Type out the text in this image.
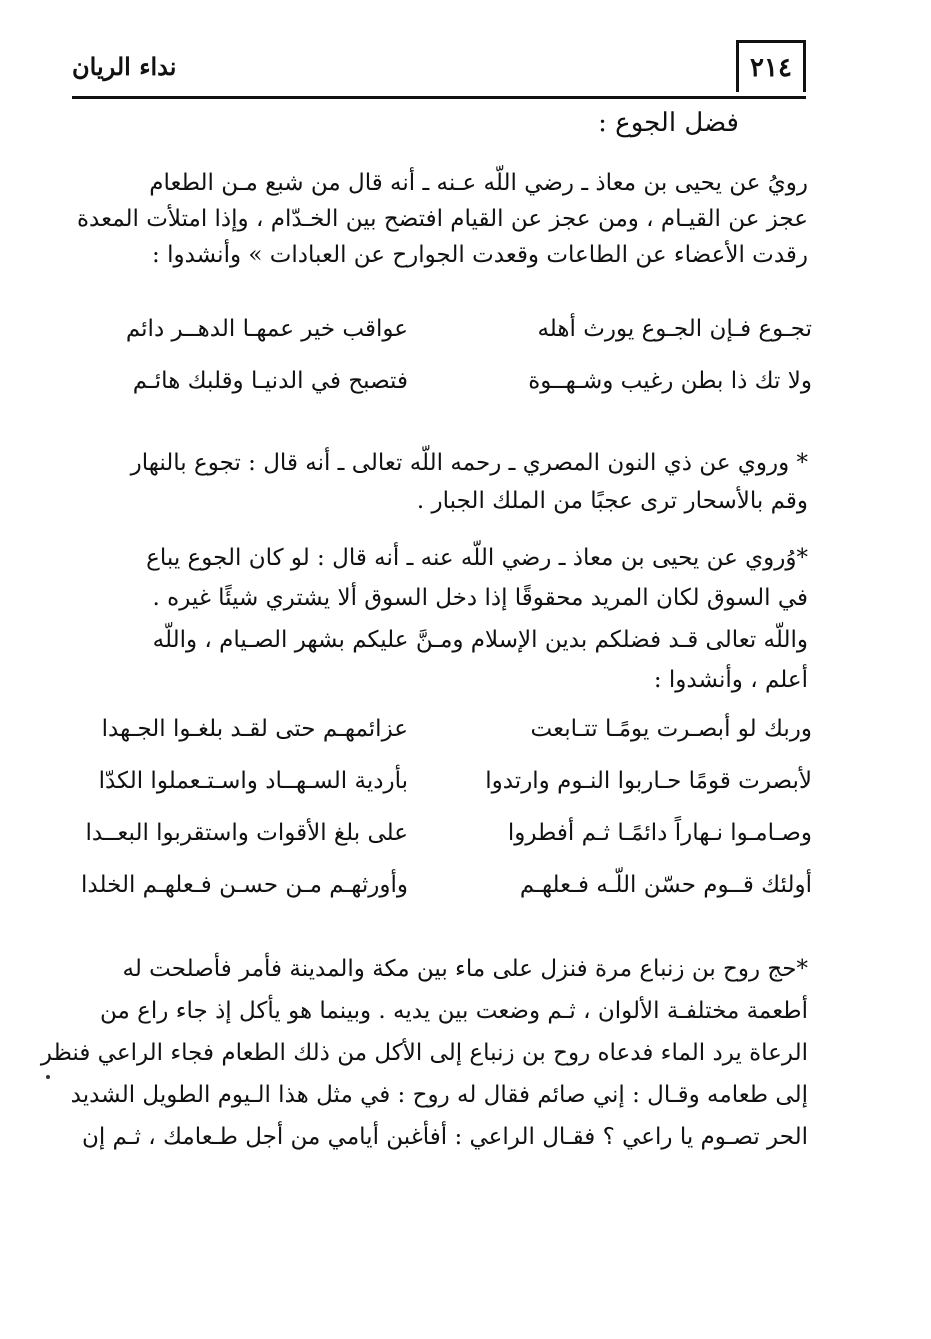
نداء الريان	٢١٤
فضل الجوع :
رويُ عن يحيى بن معاذ ـ رضي اللّه عـنه ـ أنه قال من شبع مـن الطعام
عجز عن القيـام ، ومن عجز عن القيام افتضح بين الخـدّام ، وإذا امتلأت المعدة
رقدت الأعضاء عن الطاعات وقعدت الجوارح عن العبادات » وأنشدوا :
تجـوع فـإن الجـوع يورث أهله
عواقب خير عمهـا الدهــر دائم
ولا تك ذا بطن رغيب وشـهــوة
فتصبح في الدنيـا وقلبك هائـم
* وروي عن ذي النون المصري ـ رحمه اللّه تعالى ـ أنه قال : تجوع بالنهار
وقم بالأسحار ترى عجبًا من الملك الجبار .
*وُروي عن يحيى بن معاذ ـ رضي اللّه عنه ـ أنه قال : لو كان الجوع يباع
في السوق لكان المريد محقوقًا إذا دخل السوق ألا يشتري شيئًا غيره .
واللّه تعالى قـد فضلكم بدين الإسلام ومـنَّ عليكم بشهر الصـيام ، واللّه
أعلم ، وأنشدوا :
وربك لو أبصـرت يومًـا تتـابعت
عزائمهـم حتى لقـد بلغـوا الجـهدا
لأبصرت قومًا حـاربوا النـوم وارتدوا
بأردية السـهــاد واسـتـعملوا الكدّا
وصـامـوا نـهاراً دائمًـا ثـم أفطروا
على بلغ الأقوات واستقربوا البعــدا
أولئك قــوم حسّن اللّـه فـعلهـم
وأورثهـم مـن حسـن فـعلهـم الخلدا
*حج روح بن زنباع مرة فنزل على ماء بين مكة والمدينة فأمر فأصلحت له
أطعمة مختلفـة الألوان ، ثـم وضعت بين يديه . وبينما هو يأكل إذ جاء راع من
الرعاة يرد الماء فدعاه روح بن زنباع إلى الأكل من ذلك الطعام فجاء الراعي فنظر
إلى طعامه وقـال : إني صائم فقال له روح : في مثل هذا الـيوم الطويل الشديد
الحر تصـوم يا راعي ؟ فقـال الراعي : أفأغبن أيامي من أجل طـعامك ، ثـم إن
